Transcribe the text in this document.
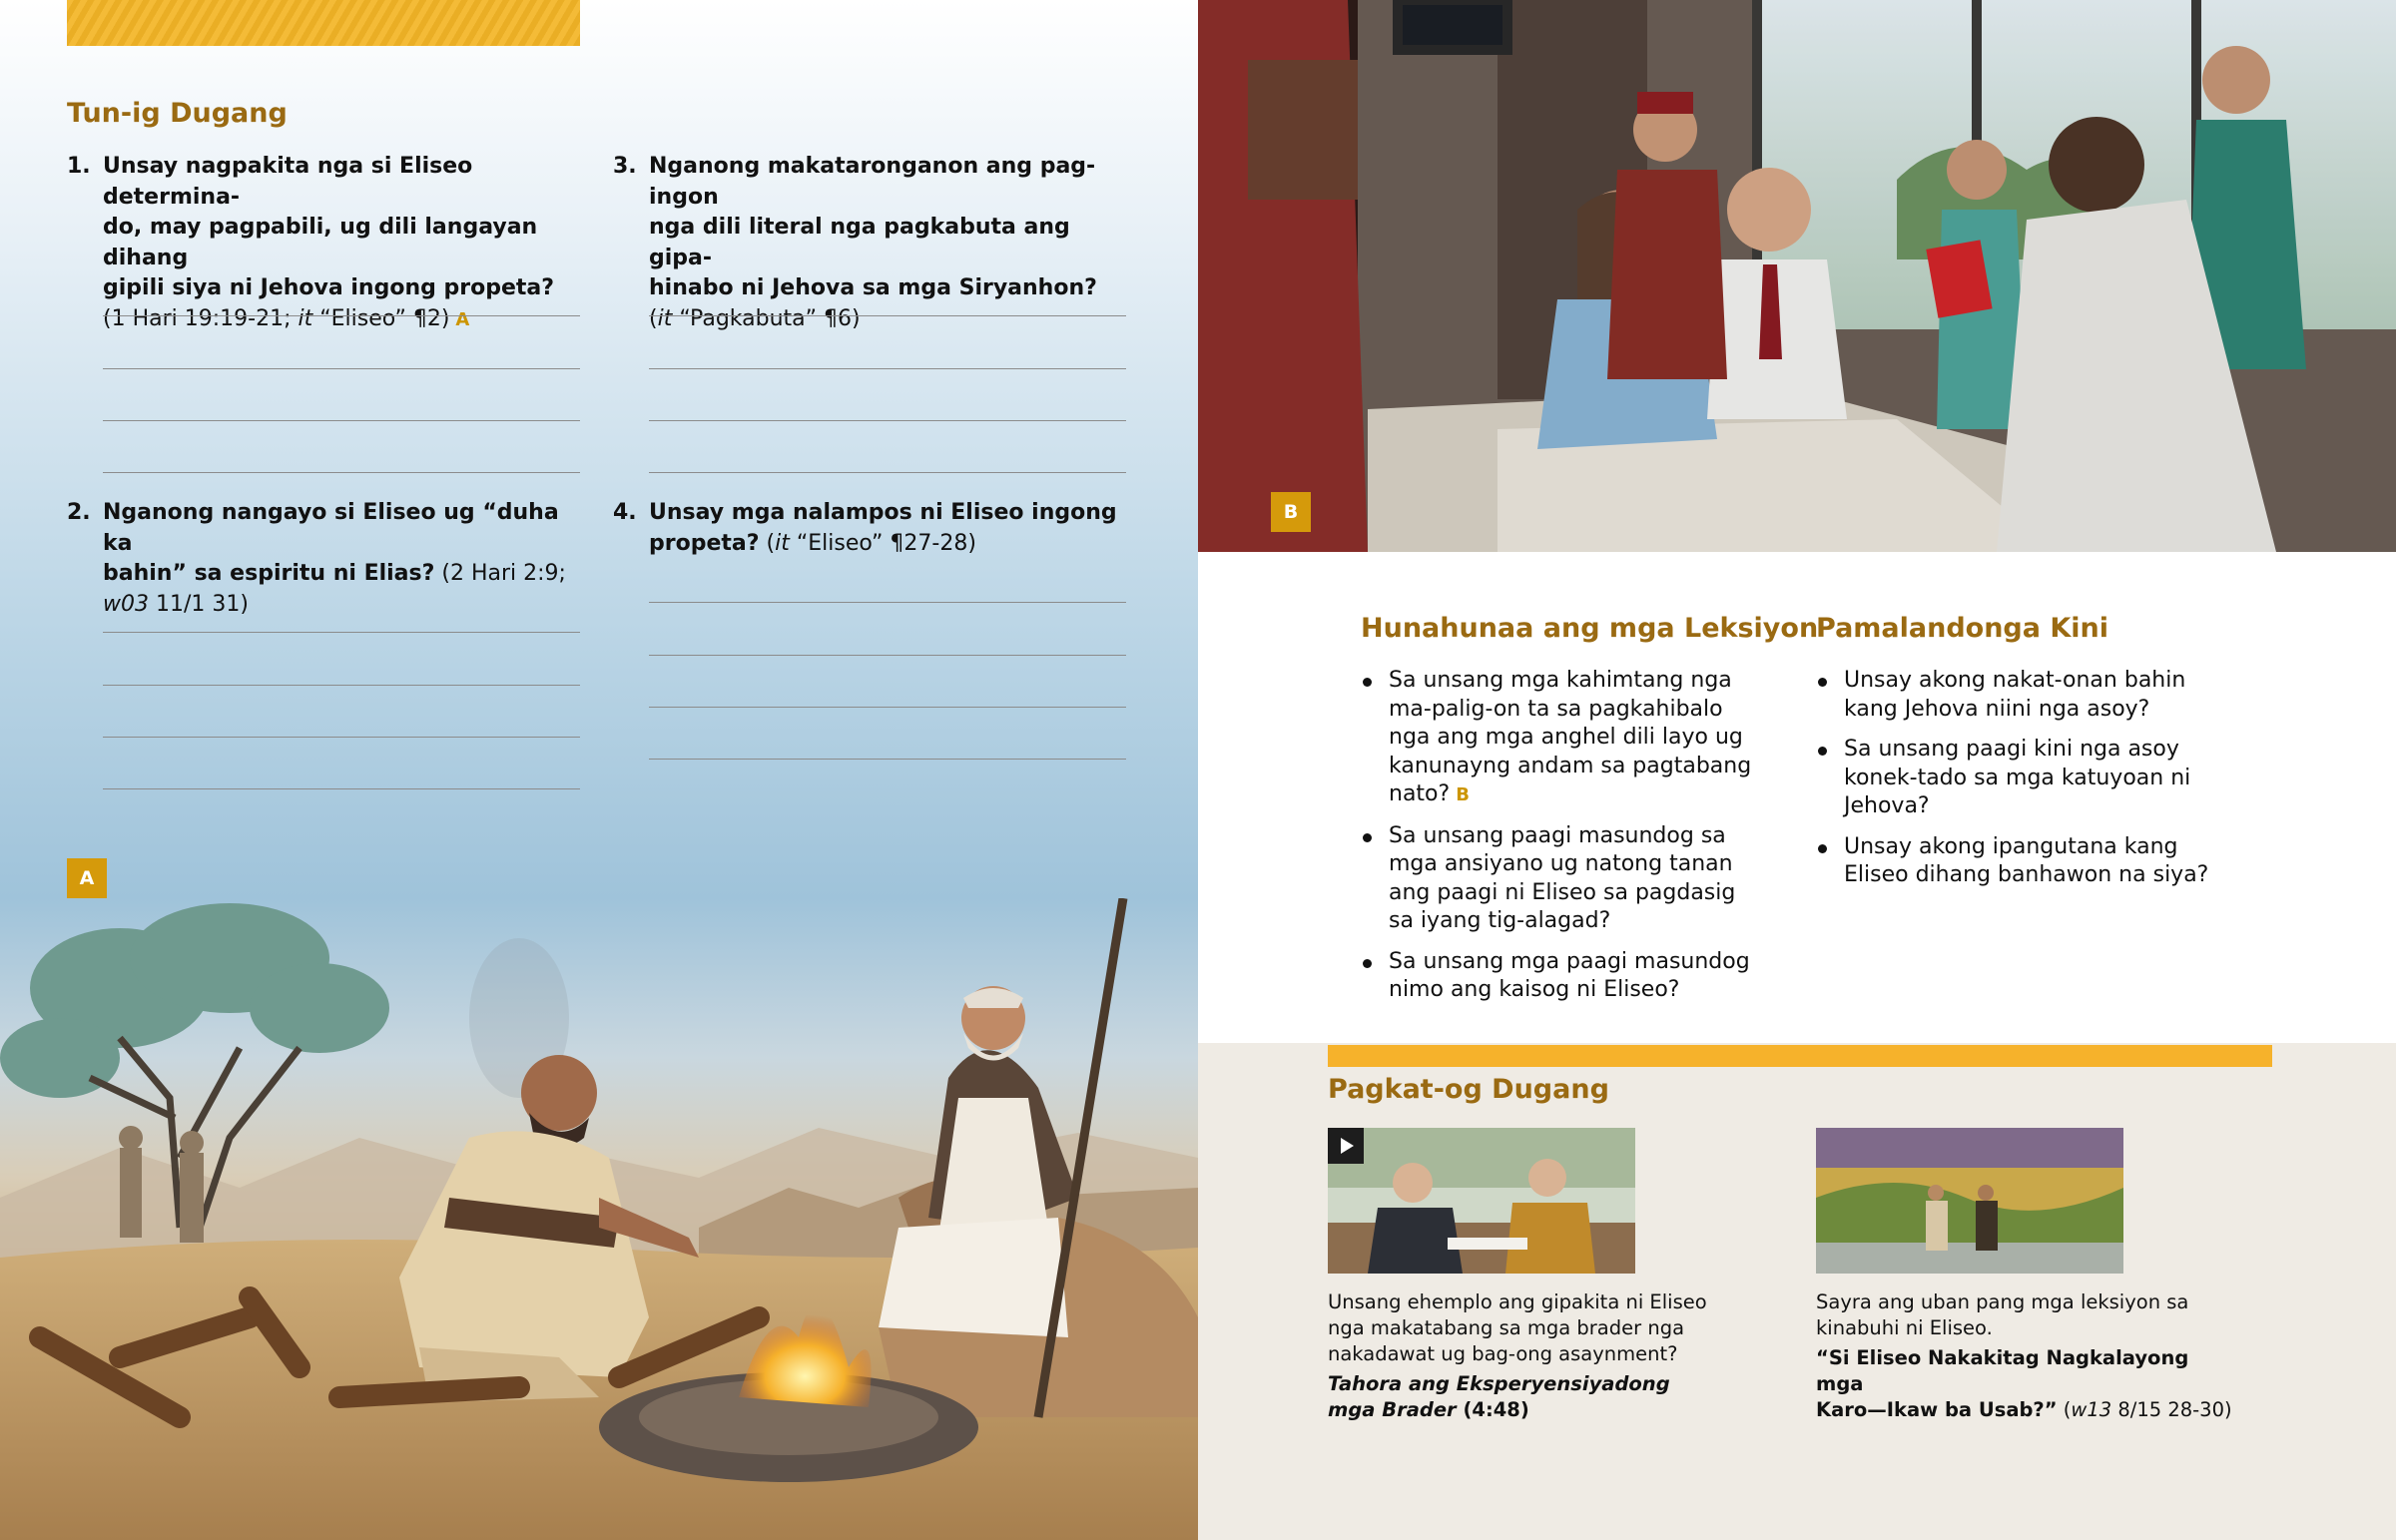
Tun-ig Dugang
1. Unsay nagpakita nga si Eliseo determina-
do, may pagpabili, ug dili langayan dihang
gipili siya ni Jehova ingong propeta?
(1 Hari 19:19-21; it “Eliseo” ¶2) A
2. Nganong nangayo si Eliseo ug “duha ka
bahin” sa espiritu ni Elias? (2 Hari 2:9;
w03 11/1 31)
3. Nganong makataronganon ang pag-ingon
nga dili literal nga pagkabuta ang gipa-
hinabo ni Jehova sa mga Siryanhon?
(it “Pagkabuta” ¶6)
4. Unsay mga nalampos ni Eliseo ingong
propeta? (it “Eliseo” ¶27-28)
A
B
Hunahunaa ang mga Leksiyon
Sa unsang mga kahimtang nga ma-palig-on ta sa pagkahibalo nga ang mga anghel dili layo ug kanunayng andam sa pagtabang nato? B
Sa unsang paagi masundog sa mga ansiyano ug natong tanan ang paagi ni Eliseo sa pagdasig sa iyang tig-alagad?
Sa unsang mga paagi masundog nimo ang kaisog ni Eliseo?
Pamalandonga Kini
Unsay akong nakat-onan bahin kang Jehova niini nga asoy?
Sa unsang paagi kini nga asoy konek-tado sa mga katuyoan ni Jehova?
Unsay akong ipangutana kang Eliseo dihang banhawon na siya?
Pagkat-og Dugang
Unsang ehemplo ang gipakita ni Eliseo
nga makatabang sa mga brader nga
nakadawat ug bag-ong asaynment?
Tahora ang Eksperyensiyadong
mga Brader (4:48)
Sayra ang uban pang mga leksiyon sa
kinabuhi ni Eliseo.
“Si Eliseo Nakakitag Nagkalayong mga
Karo—Ikaw ba Usab?” (w13 8/15 28-30)
